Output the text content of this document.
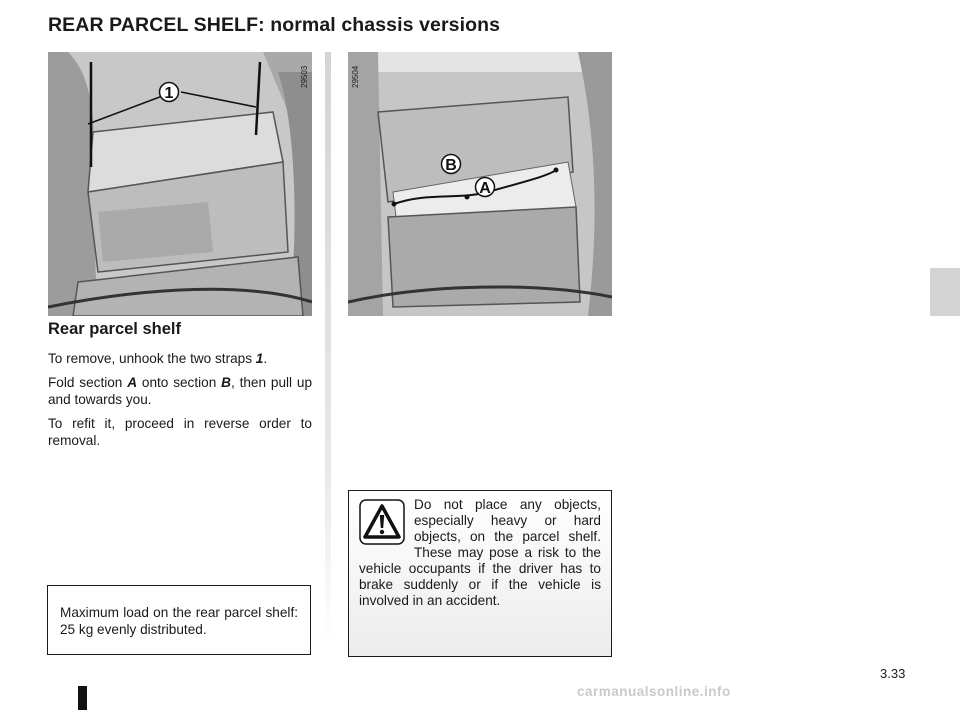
REAR PARCEL SHELF: normal chassis versions
1
29503
B
A
29504
Rear parcel shelf

To remove, unhook the two straps 1.

Fold section A onto section B, then pull up and towards you.

To refit it, proceed in reverse order to removal.

Maximum load on the rear parcel shelf: 25 kg evenly distributed.

Do not place any objects, especially heavy or hard objects, on the parcel shelf. These may pose a risk to the vehicle occupants if the driver has to brake suddenly or if the vehicle is involved in an accident.

3.33
carmanualsonline.info
